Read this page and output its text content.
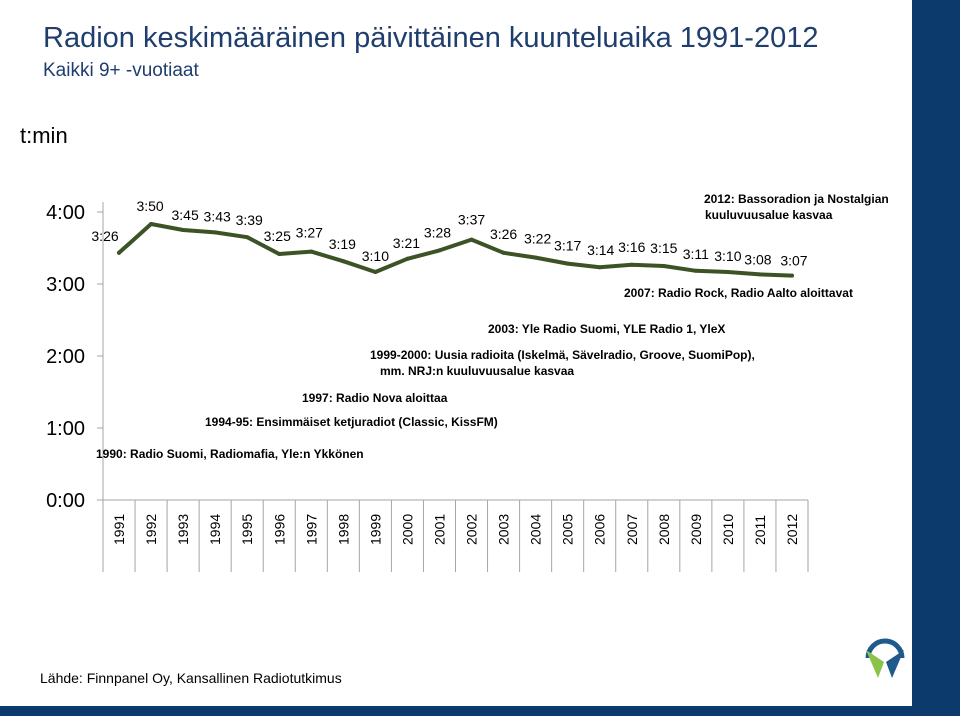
Radion keskimääräinen päivittäinen kuunteluaika 1991-2012
Kaikki 9+ -vuotiaat
t:min
0:00
1:00
2:00
3:00
4:00
1991 1992 1993 1994 1995 1996 1997 1998 1999 2000 2001 2002 2003 2004 2005 2006 2007 2008 2009 2010 2011 2012
3:26
3:50
3:45 3:43 3:39
3:25 3:27
3:19
3:10
3:21
3:28
3:37
3:26 3:22 3:17 3:14 3:16 3:15 3:11 3:10 3:08 3:07
2012: Bassoradion ja Nostalgian
kuuluvuusalue kasvaa
2007: Radio Rock, Radio Aalto aloittavat
2003: Yle Radio Suomi, YLE Radio 1, YleX
1999-2000: Uusia radioita (Iskelmä, Sävelradio, Groove, SuomiPop),
mm. NRJ:n kuuluvuusalue kasvaa
1997: Radio Nova aloittaa
1994-95: Ensimmäiset ketjuradiot (Classic, KissFM)
1990: Radio Suomi, Radiomafia, Yle:n Ykkönen
Lähde: Finnpanel Oy, Kansallinen Radiotutkimus
